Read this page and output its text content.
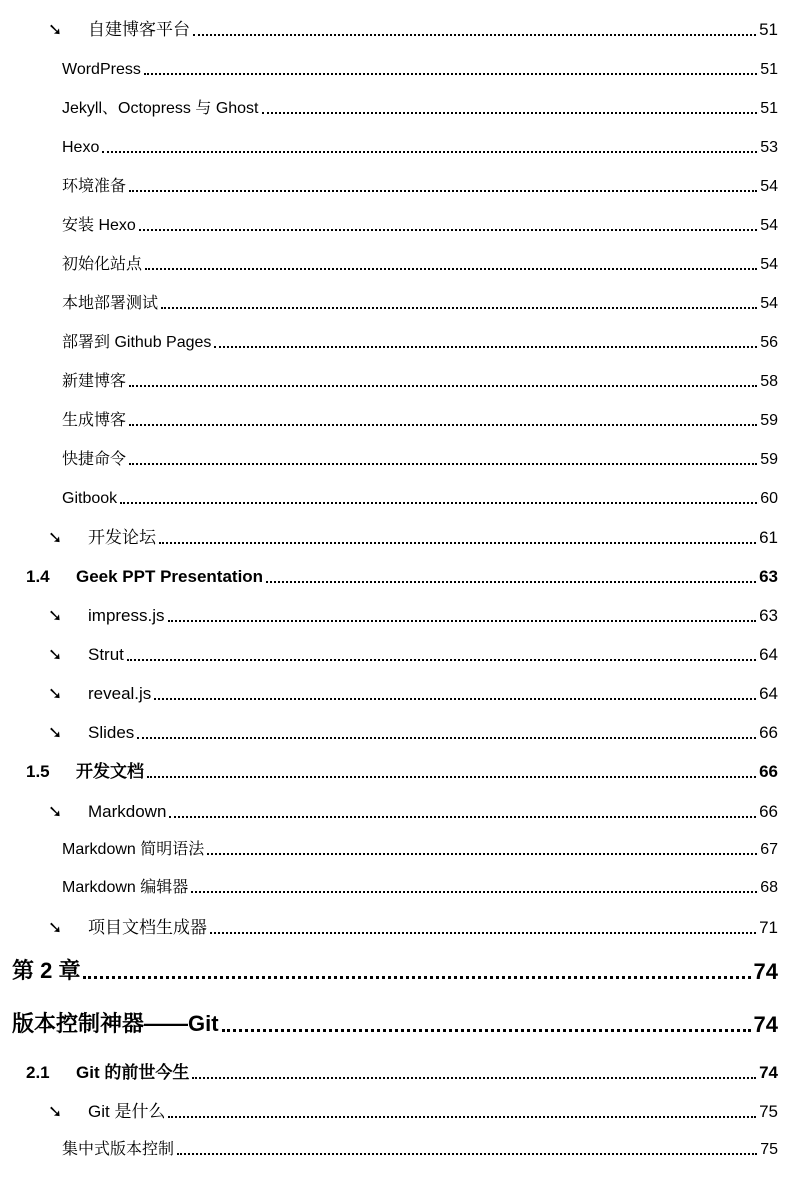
➘	自建博客平台	51
WordPress	51
Jekyll、Octopress 与 Ghost	51
Hexo	53
环境准备	54
安装 Hexo	54
初始化站点	54
本地部署测试	54
部署到 Github Pages	56
新建博客	58
生成博客	59
快捷命令	59
Gitbook	60
➘	开发论坛	61
1.4	Geek PPT Presentation	63
➘	impress.js	63
➘	Strut	64
➘	reveal.js	64
➘	Slides	66
1.5	开发文档	66
➘	Markdown	66
Markdown 简明语法	67
Markdown 编辑器	68
➘	项目文档生成器	71
第 2 章	74
版本控制神器——Git	74
2.1	Git 的前世今生	74
➘	Git 是什么	75
集中式版本控制	75
